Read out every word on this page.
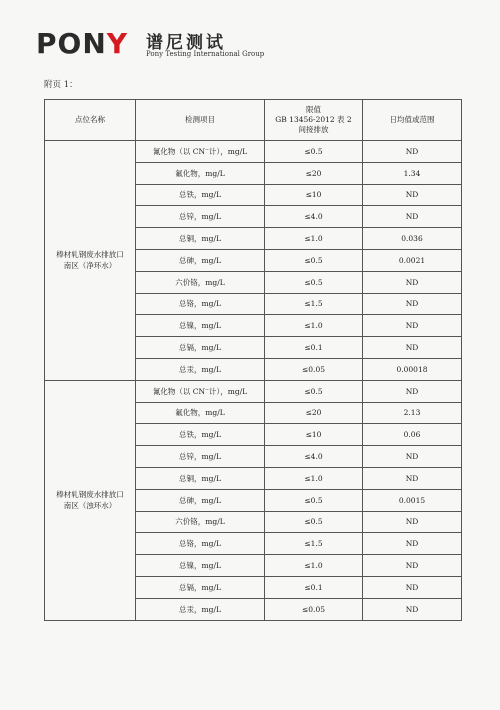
PONY 谱尼测试
Pony Testing International Group
附页 1：
点位名称	检测项目	限值
GB 13456-2012 表 2
间接排放	日均值或范围

棒材轧钢废水排放口
南区（净环水）	氰化物（以 CN⁻计），mg/L	≤0.5	ND
	氟化物，mg/L	≤20	1.34
	总铁，mg/L	≤10	ND
	总锌，mg/L	≤4.0	ND
	总铜，mg/L	≤1.0	0.036
	总砷，mg/L	≤0.5	0.0021
	六价铬，mg/L	≤0.5	ND
	总铬，mg/L	≤1.5	ND
	总镍，mg/L	≤1.0	ND
	总镉，mg/L	≤0.1	ND
	总汞，mg/L	≤0.05	0.00018

棒材轧钢废水排放口
南区（浊环水）	氰化物（以 CN⁻计），mg/L	≤0.5	ND
	氟化物，mg/L	≤20	2.13
	总铁，mg/L	≤10	0.06
	总锌，mg/L	≤4.0	ND
	总铜，mg/L	≤1.0	ND
	总砷，mg/L	≤0.5	0.0015
	六价铬，mg/L	≤0.5	ND
	总铬，mg/L	≤1.5	ND
	总镍，mg/L	≤1.0	ND
	总镉，mg/L	≤0.1	ND
	总汞，mg/L	≤0.05	ND
